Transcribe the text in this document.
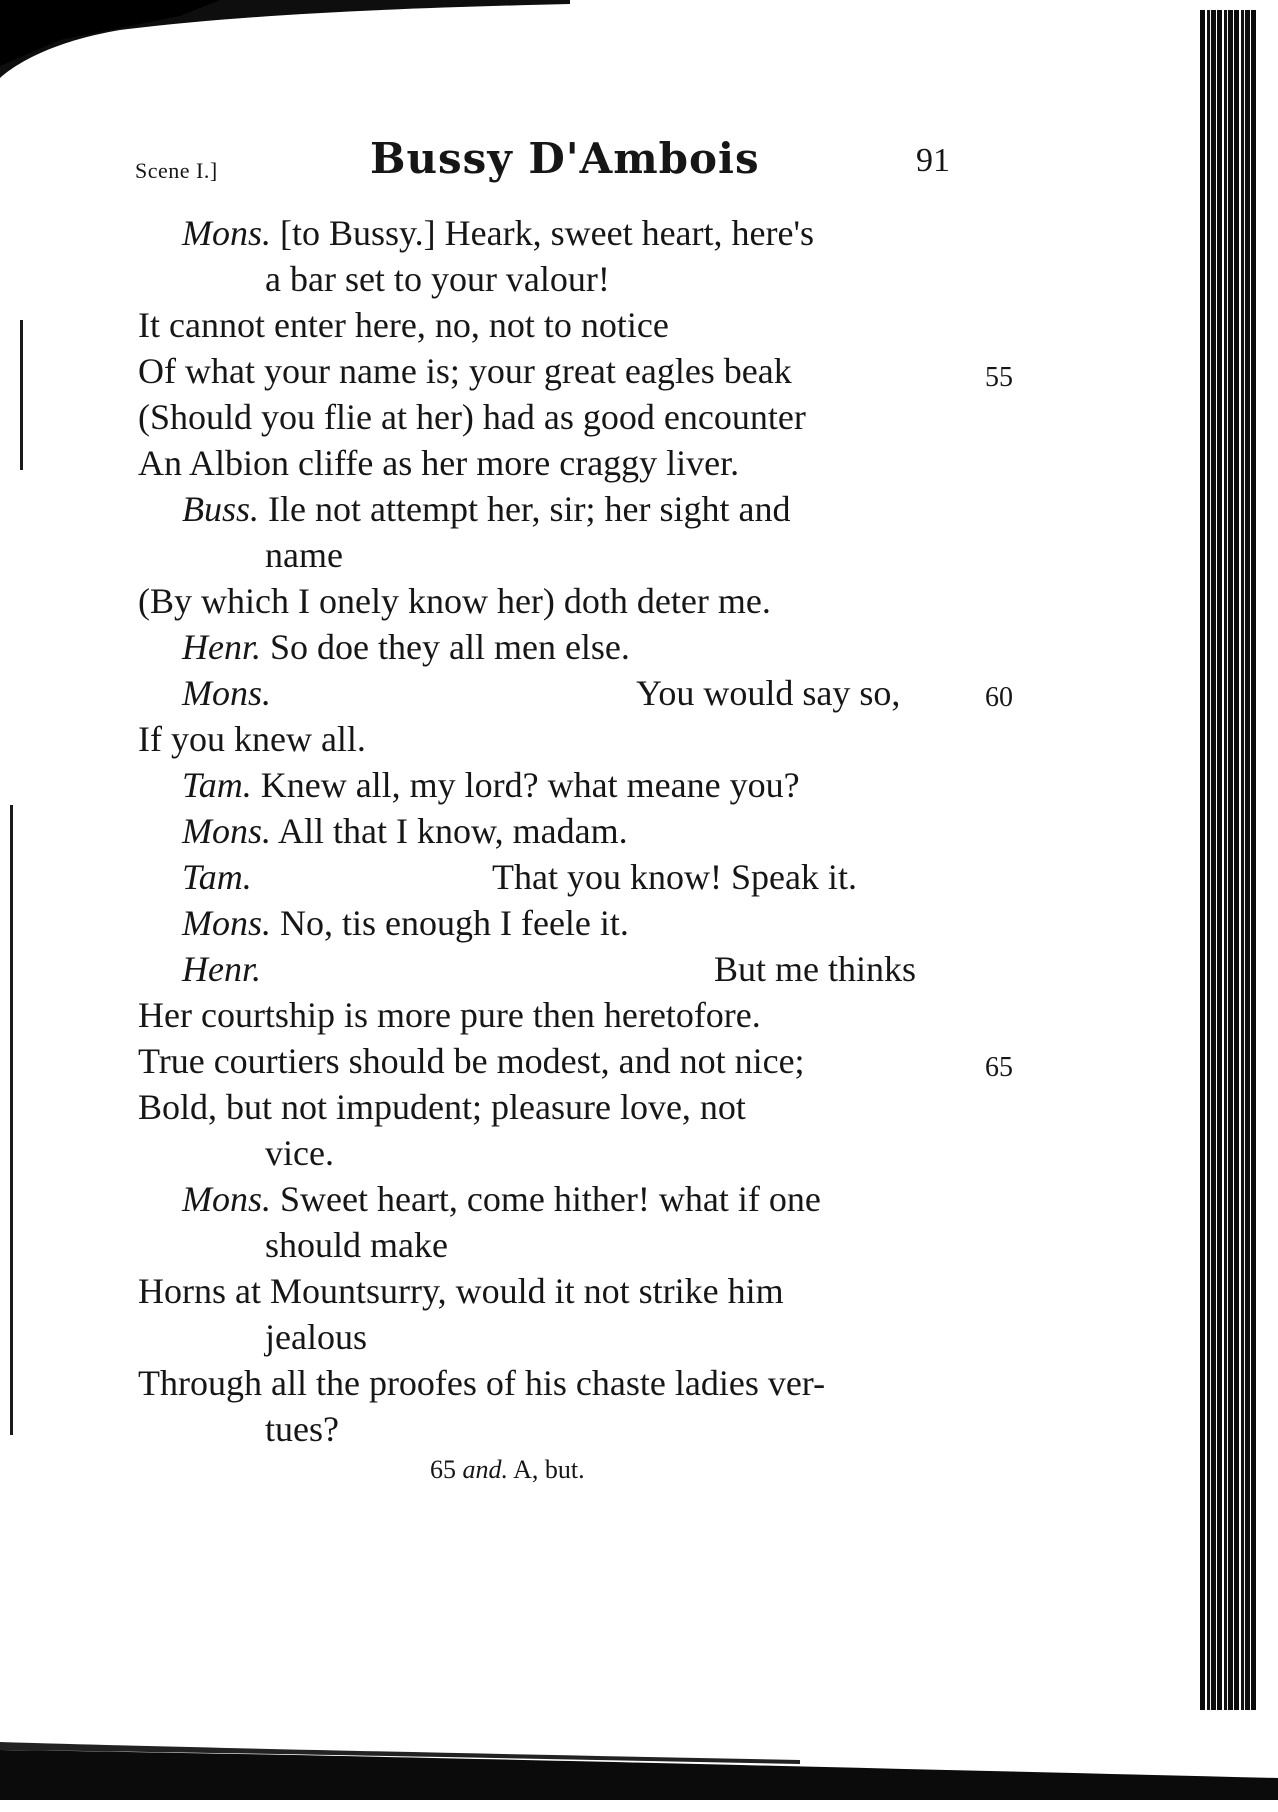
Scene I.]	Bussy D'Ambois	91
Mons. [to Bussy.] Heark, sweet heart, here's
a bar set to your valour!
It cannot enter here, no, not to notice
Of what your name is; your great eagles beak	55
(Should you flie at her) had as good encounter
An Albion cliffe as her more craggy liver.
Buss. Ile not attempt her, sir; her sight and
name
(By which I onely know her) doth deter me.
Henr. So doe they all men else.
Mons.	You would say so,	60
If you knew all.
Tam. Knew all, my lord? what meane you?
Mons. All that I know, madam.
Tam.	That you know! Speak it.
Mons. No, tis enough I feele it.
Henr.	But me thinks
Her courtship is more pure then heretofore.
True courtiers should be modest, and not nice;	65
Bold, but not impudent; pleasure love, not
vice.
Mons. Sweet heart, come hither! what if one
should make
Horns at Mountsurry, would it not strike him
jealous
Through all the proofes of his chaste ladies ver-
tues?
65 and. A, but.
